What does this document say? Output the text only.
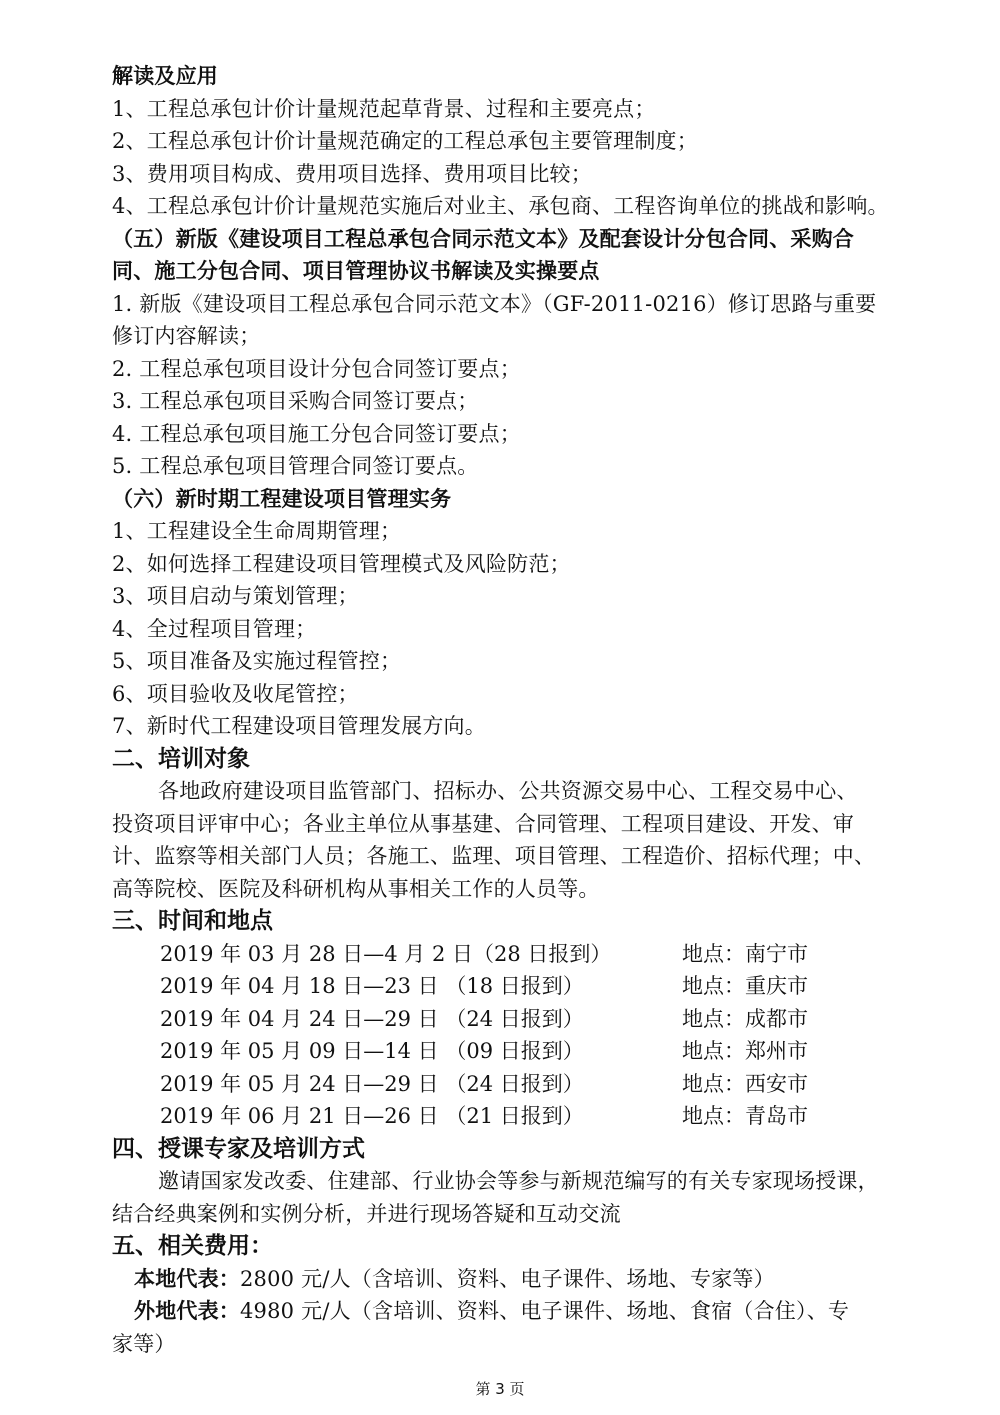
解读及应用
1、工程总承包计价计量规范起草背景、过程和主要亮点；
2、工程总承包计价计量规范确定的工程总承包主要管理制度；
3、费用项目构成、费用项目选择、费用项目比较；
4、工程总承包计价计量规范实施后对业主、承包商、工程咨询单位的挑战和影响。
（五）新版《建设项目工程总承包合同示范文本》及配套设计分包合同、采购合
同、施工分包合同、项目管理协议书解读及实操要点
1. 新版《建设项目工程总承包合同示范文本》（GF-2011-0216）修订思路与重要
修订内容解读；
2. 工程总承包项目设计分包合同签订要点；
3. 工程总承包项目采购合同签订要点；
4. 工程总承包项目施工分包合同签订要点；
5. 工程总承包项目管理合同签订要点。
（六）新时期工程建设项目管理实务
1、工程建设全生命周期管理；
2、如何选择工程建设项目管理模式及风险防范；
3、项目启动与策划管理；
4、全过程项目管理；
5、项目准备及实施过程管控；
6、项目验收及收尾管控；
7、新时代工程建设项目管理发展方向。
二、培训对象
各地政府建设项目监管部门、招标办、公共资源交易中心、工程交易中心、
投资项目评审中心；各业主单位从事基建、合同管理、工程项目建设、开发、审
计、监察等相关部门人员；各施工、监理、项目管理、工程造价、招标代理；中、
高等院校、医院及科研机构从事相关工作的人员等。
三、时间和地点
2019 年 03 月 28 日—4 月 2 日（28 日报到）	地点：南宁市
2019 年 04 月 18 日—23 日 （18 日报到）	地点：重庆市
2019 年 04 月 24 日—29 日 （24 日报到）	地点：成都市
2019 年 05 月 09 日—14 日 （09 日报到）	地点：郑州市
2019 年 05 月 24 日—29 日 （24 日报到）	地点：西安市
2019 年 06 月 21 日—26 日 （21 日报到）	地点：青岛市
四、授课专家及培训方式
邀请国家发改委、住建部、行业协会等参与新规范编写的有关专家现场授课，
结合经典案例和实例分析，并进行现场答疑和互动交流
五、相关费用：
本地代表：2800 元/人（含培训、资料、电子课件、场地、专家等）
外地代表：4980 元/人（含培训、资料、电子课件、场地、食宿（合住）、专
家等）
第 3 页
